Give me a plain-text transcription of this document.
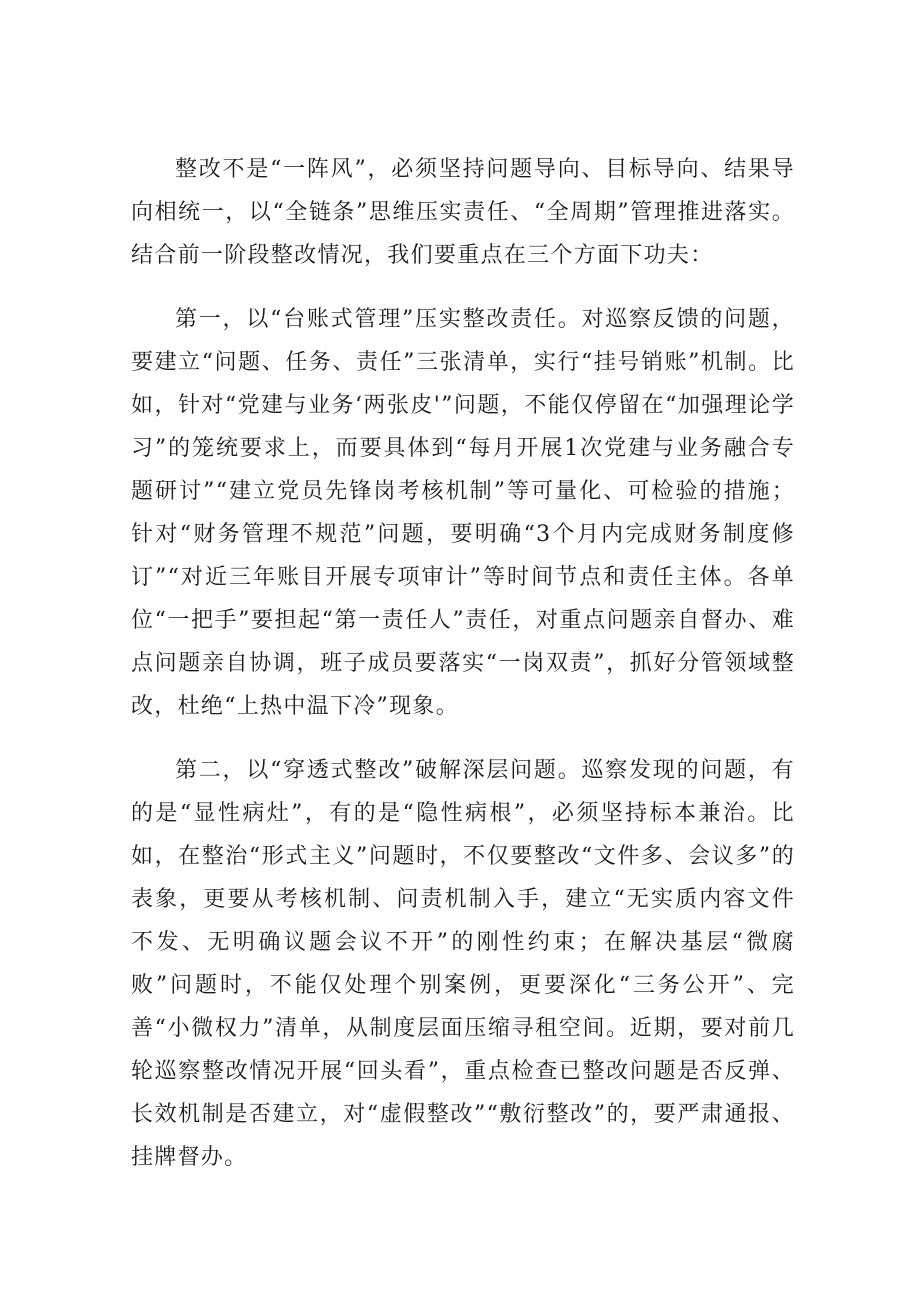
整改不是“一阵风”，必须坚持问题导向、目标导向、结果导向相统一，以“全链条”思维压实责任、“全周期”管理推进落实。结合前一阶段整改情况，我们要重点在三个方面下功夫：

第一，以“台账式管理”压实整改责任。对巡察反馈的问题，要建立“问题、任务、责任”三张清单，实行“挂号销账”机制。比如，针对“党建与业务‘两张皮'”问题，不能仅停留在“加强理论学习”的笼统要求上，而要具体到“每月开展1次党建与业务融合专题研讨”“建立党员先锋岗考核机制”等可量化、可检验的措施；针对“财务管理不规范”问题，要明确“3个月内完成财务制度修订”“对近三年账目开展专项审计”等时间节点和责任主体。各单位“一把手”要担起“第一责任人”责任，对重点问题亲自督办、难点问题亲自协调，班子成员要落实“一岗双责”，抓好分管领域整改，杜绝“上热中温下冷”现象。

第二，以“穿透式整改”破解深层问题。巡察发现的问题，有的是“显性病灶”，有的是“隐性病根”，必须坚持标本兼治。比如，在整治“形式主义”问题时，不仅要整改“文件多、会议多”的表象，更要从考核机制、问责机制入手，建立“无实质内容文件不发、无明确议题会议不开”的刚性约束；在解决基层“微腐败”问题时，不能仅处理个别案例，更要深化“三务公开”、完善“小微权力”清单，从制度层面压缩寻租空间。近期，要对前几轮巡察整改情况开展“回头看”，重点检查已整改问题是否反弹、长效机制是否建立，对“虚假整改”“敷衍整改”的，要严肃通报、挂牌督办。
